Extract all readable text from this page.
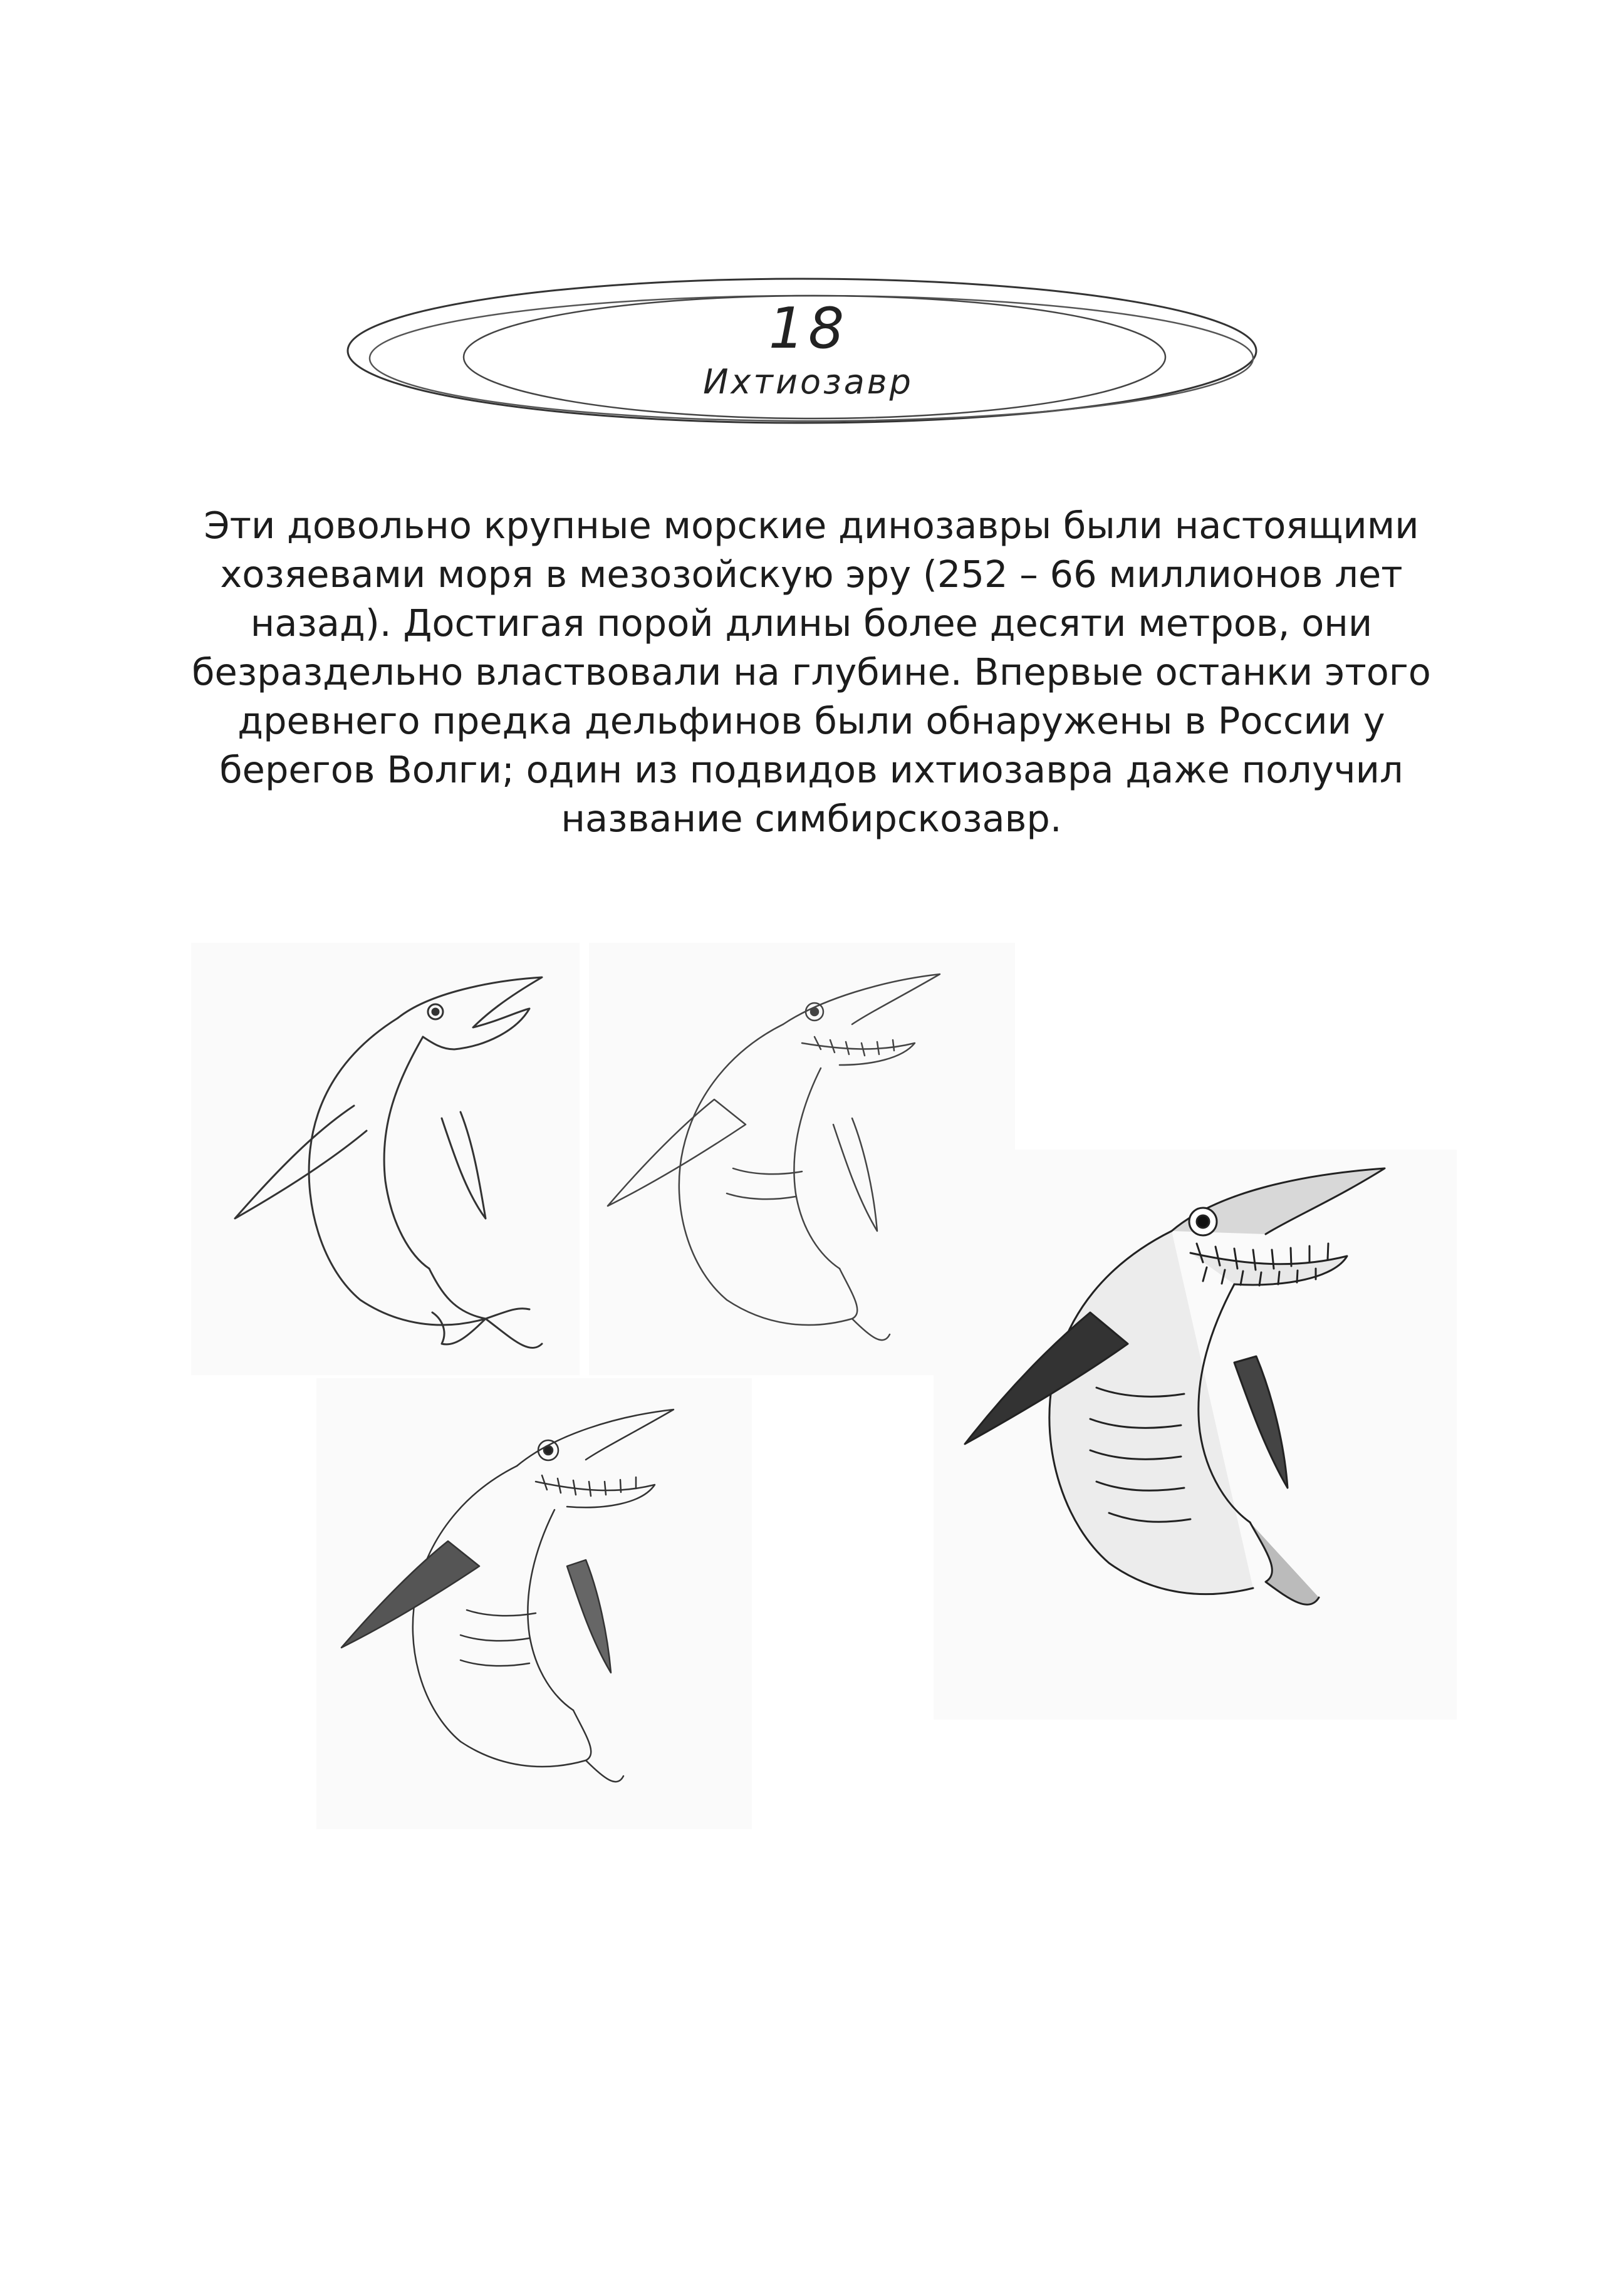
18
Ихтиозавр
Эти довольно крупные морские динозавры были настоящими хозяевами моря в мезозойскую эру (252 – 66 миллионов лет назад). Достигая порой длины более десяти метров, они безраздельно властвовали на глубине. Впервые останки этого древнего предка дельфинов были обнаружены в России у берегов Волги; один из подвидов ихтиозавра даже получил название симбирскозавр.
